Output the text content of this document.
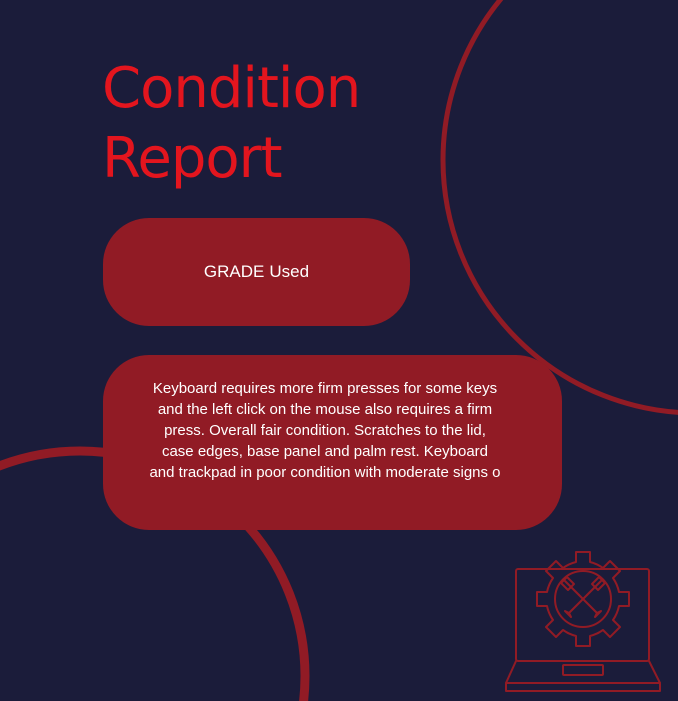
Condition
Report
GRADE Used
Keyboard requires more firm presses for some keys and the left click on the mouse also requires a firm press. Overall fair condition. Scratches to the lid, case edges, base panel and palm rest. Keyboard and trackpad in poor condition with moderate signs o
